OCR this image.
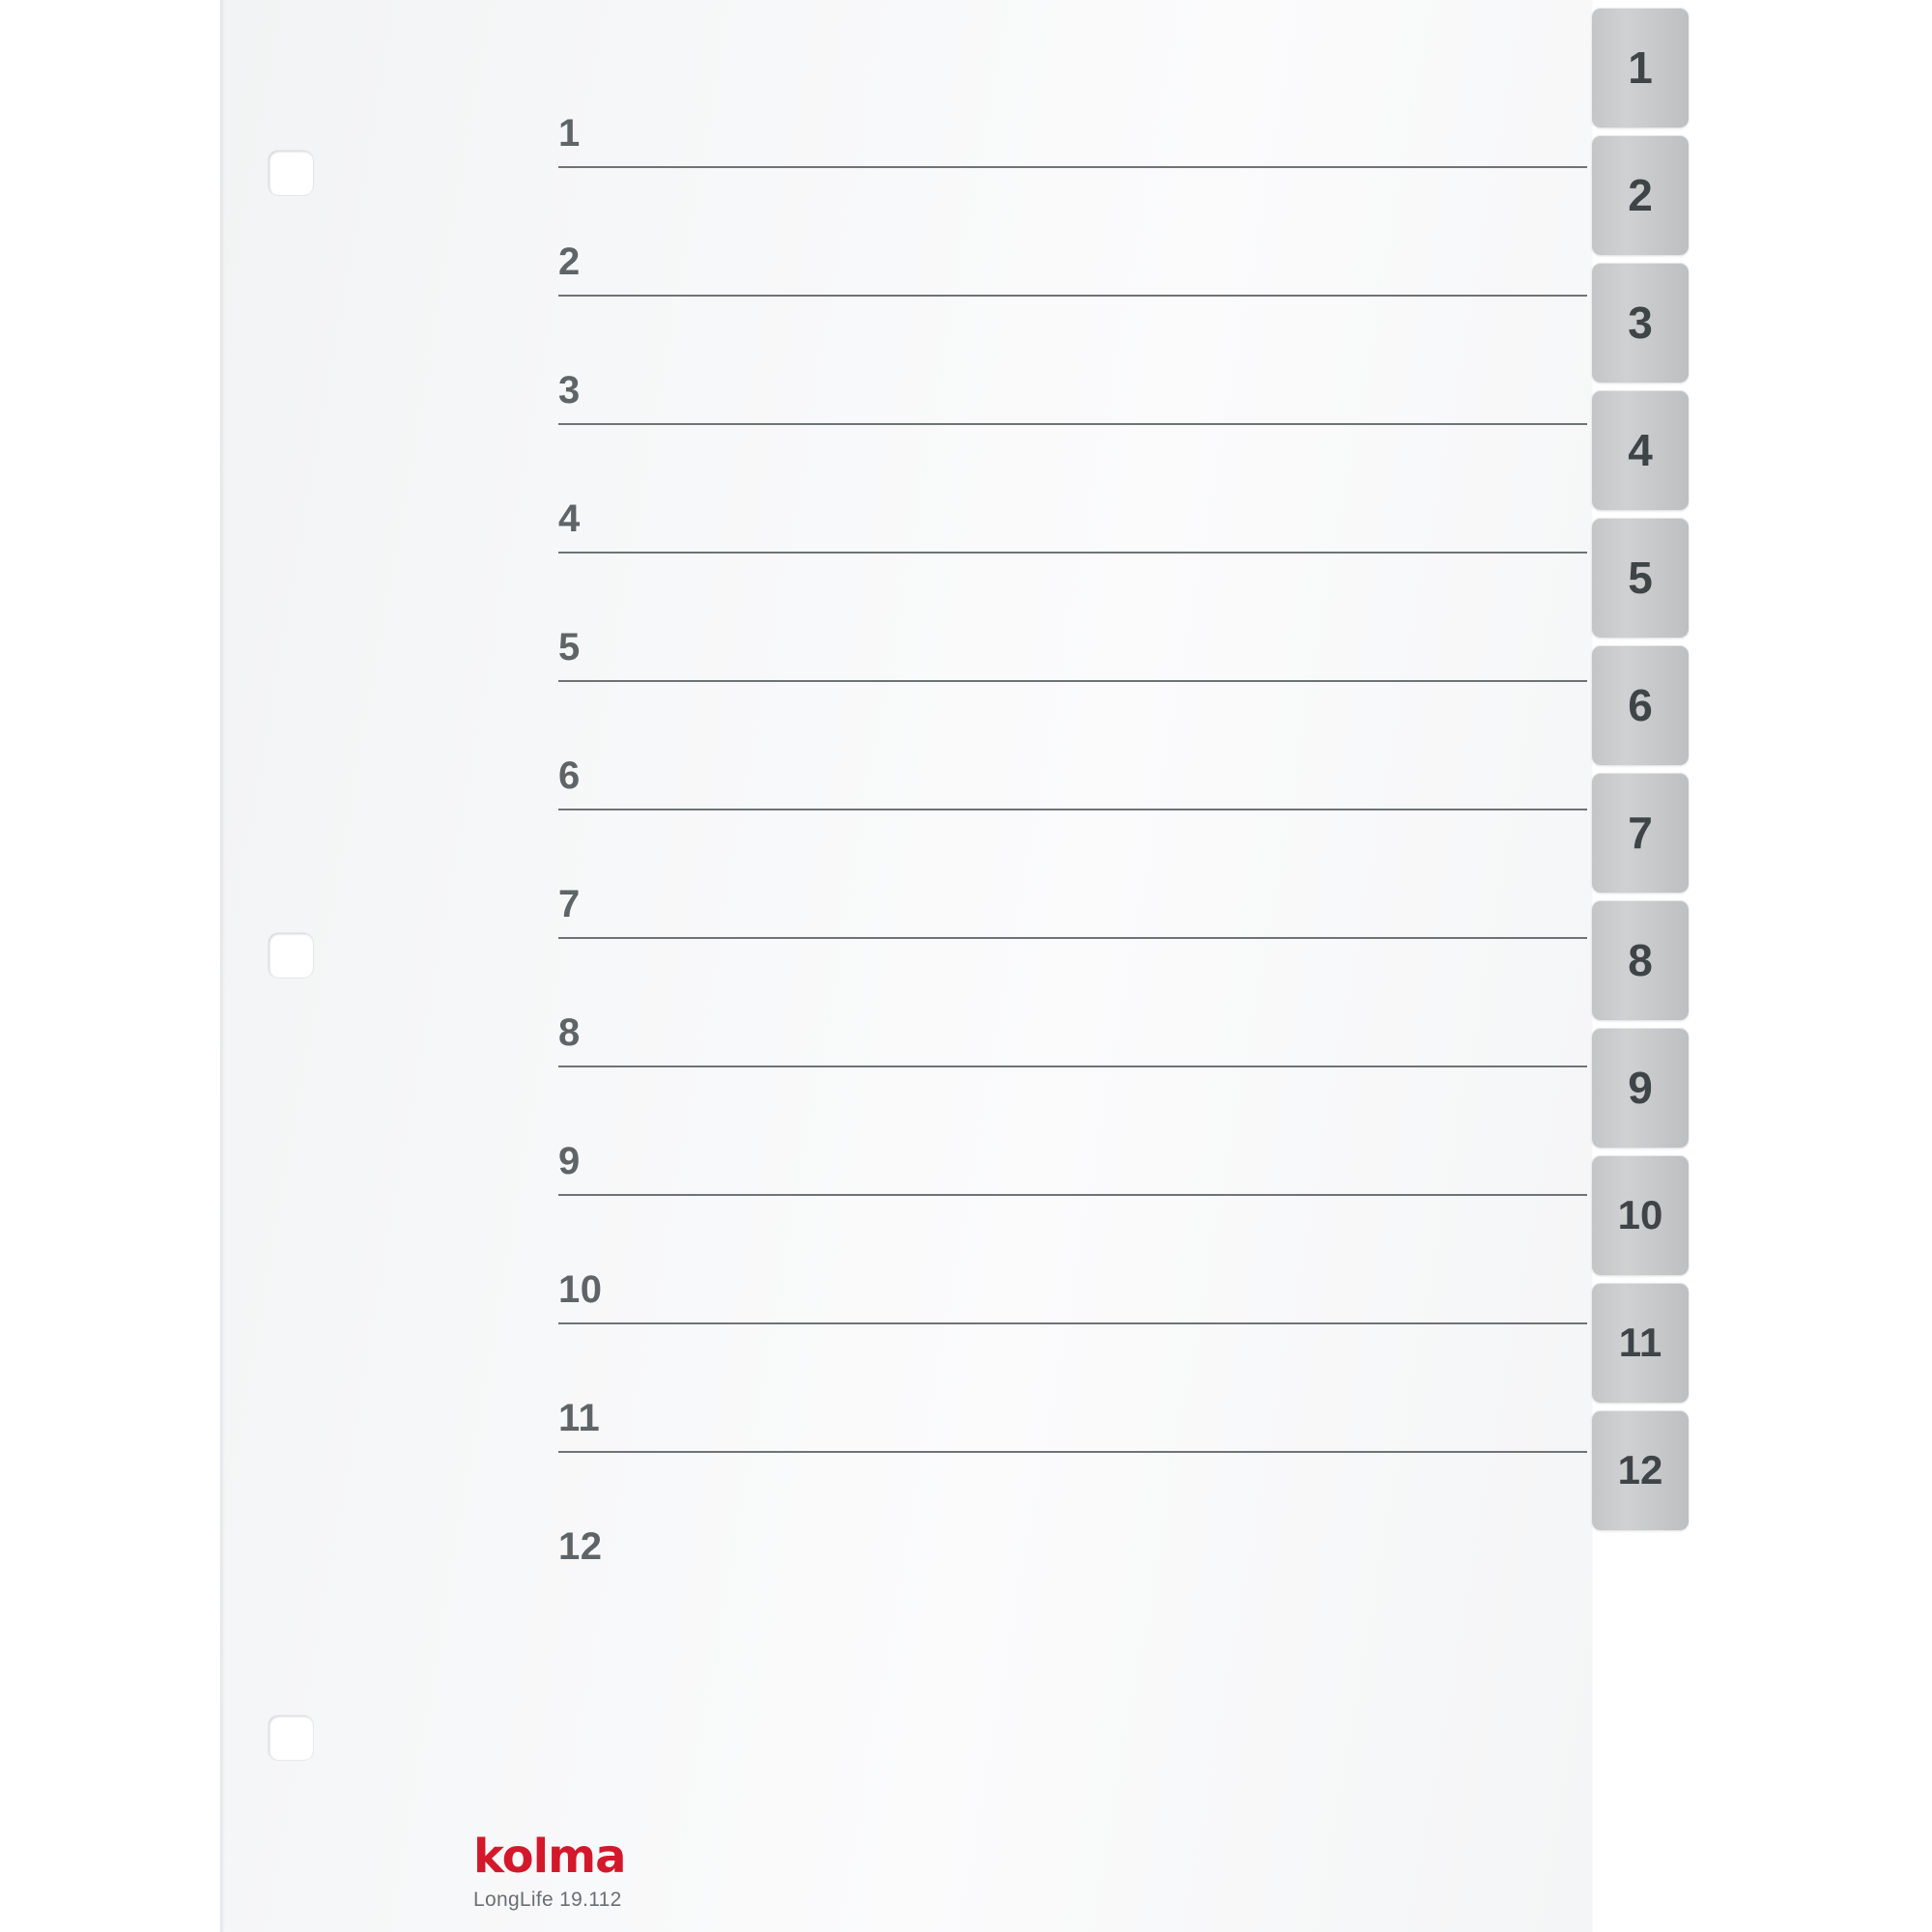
1
2
3
4
5
6
7
8
9
10
11
12
kolma
LongLife 19.112
1
2
3
4
5
6
7
8
9
10
11
12
